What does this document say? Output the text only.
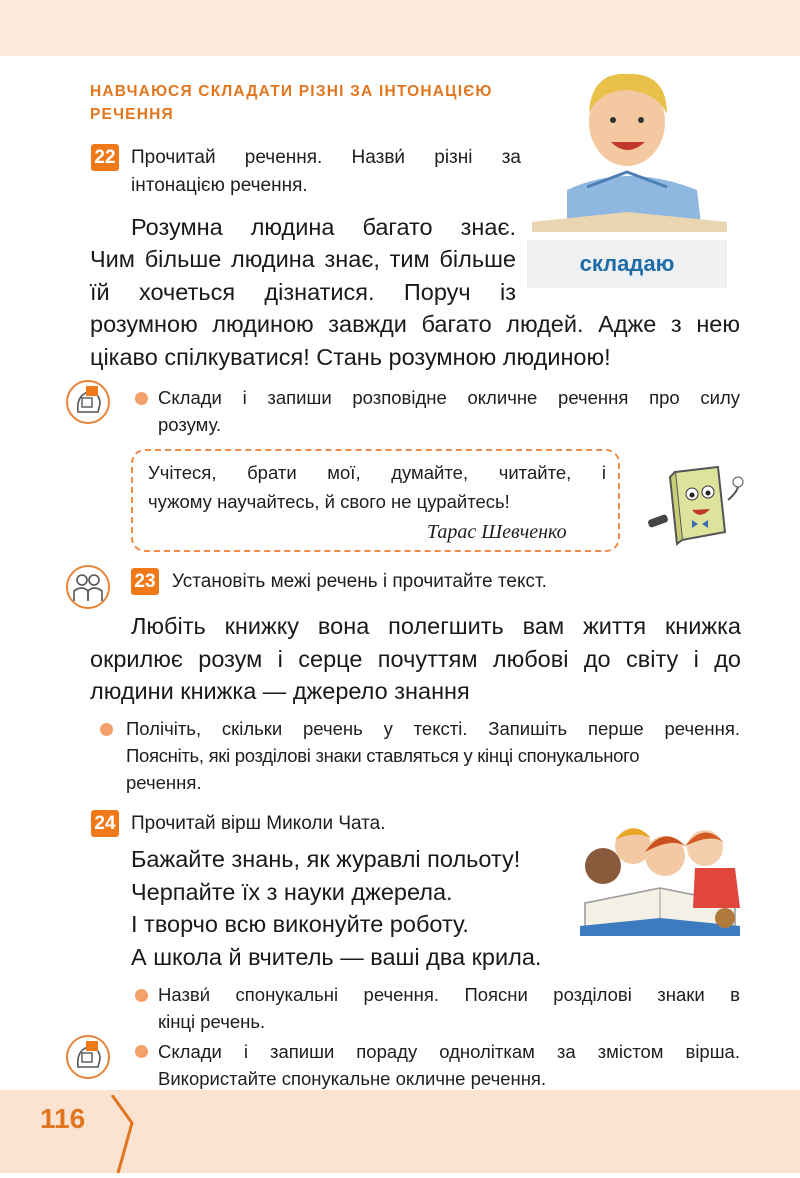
НАВЧАЮСЯ СКЛАДАТИ РІЗНІ ЗА ІНТОНАЦІЄЮ РЕЧЕННЯ
складаю
22 Прочитай речення. Назви́ різні за
інтонацією речення.
Розумна людина багато знає.
Чим більше людина знає, тим більше
їй хочеться дізнатися. Поруч із
розумною людиною завжди багато людей. Адже з нею
цікаво спілкуватися! Стань розумною людиною!
Склади і запиши розповідне окличне речення про силу
розуму.
Учітеся, брати мої, думайте, читайте, і
чужому научайтесь, й свого не цурайтесь!
Тарас Шевченко
23 Установіть межі речень і прочитайте текст.
Любіть книжку вона полегшить вам життя книжка
окрилює розум і серце почуттям любові до світу і до
людини книжка — джерело знання
Полічіть, скільки речень у тексті. Запишіть перше речення.
Поясніть, які розділові знаки ставляться у кінці спонукального
речення.
24 Прочитай вірш Миколи Чата.
Бажайте знань, як журавлі польоту!
Черпайте їх з науки джерела.
І творчо всю виконуйте роботу.
А школа й вчитель — ваші два крила.
Назви́ спонукальні речення. Поясни розділові знаки в
кінці речень.
Склади і запиши пораду одноліткам за змістом вірша.
Використайте спонукальне окличне речення.
116
